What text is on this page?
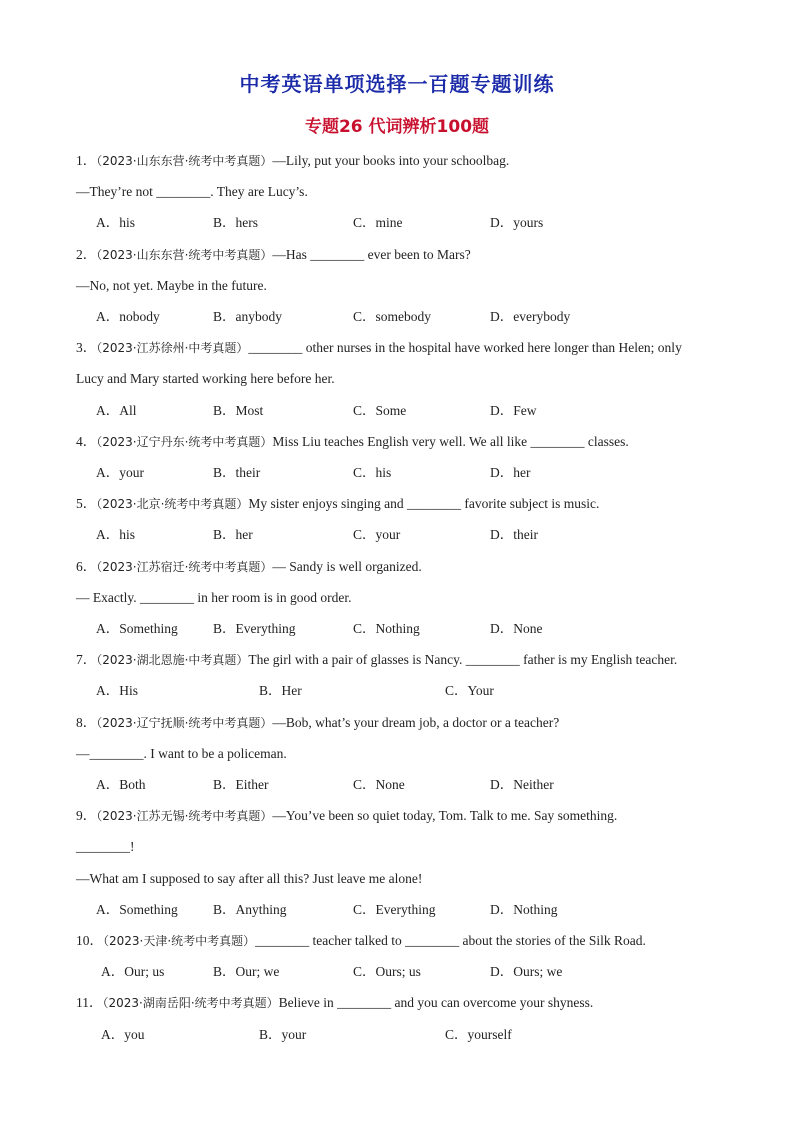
中考英语单项选择一百题专题训练
专题26 代词辨析100题
1．（2023·山东东营·统考中考真题）—Lily, put your books into your schoolbag.
—They’re not ________. They are Lucy’s.
A．his	B．hers	C．mine	D．yours
2．（2023·山东东营·统考中考真题）—Has ________ ever been to Mars?
—No, not yet. Maybe in the future.
A．nobody	B．anybody	C．somebody	D．everybody
3．（2023·江苏徐州·中考真题）________ other nurses in the hospital have worked here longer than Helen; only
Lucy and Mary started working here before her.
A．All	B．Most	C．Some	D．Few
4．（2023·辽宁丹东·统考中考真题）Miss Liu teaches English very well. We all like ________ classes.
A．your	B．their	C．his	D．her
5．（2023·北京·统考中考真题）My sister enjoys singing and ________ favorite subject is music.
A．his	B．her	C．your	D．their
6．（2023·江苏宿迁·统考中考真题）— Sandy is well organized.
— Exactly. ________ in her room is in good order.
A．Something	B．Everything	C．Nothing	D．None
7．（2023·湖北恩施·中考真题）The girl with a pair of glasses is Nancy. ________ father is my English teacher.
A．His	B．Her	C．Your
8．（2023·辽宁抚顺·统考中考真题）—Bob, what’s your dream job, a doctor or a teacher?
—________. I want to be a policeman.
A．Both	B．Either	C．None	D．Neither
9．（2023·江苏无锡·统考中考真题）—You’ve been so quiet today, Tom. Talk to me. Say something.
________!
—What am I supposed to say after all this? Just leave me alone!
A．Something	B．Anything	C．Everything	D．Nothing
10．（2023·天津·统考中考真题）________ teacher talked to ________ about the stories of the Silk Road.
A．Our; us	B．Our; we	C．Ours; us	D．Ours; we
11．（2023·湖南岳阳·统考中考真题）Believe in ________ and you can overcome your shyness.
A．you	B．your	C．yourself
